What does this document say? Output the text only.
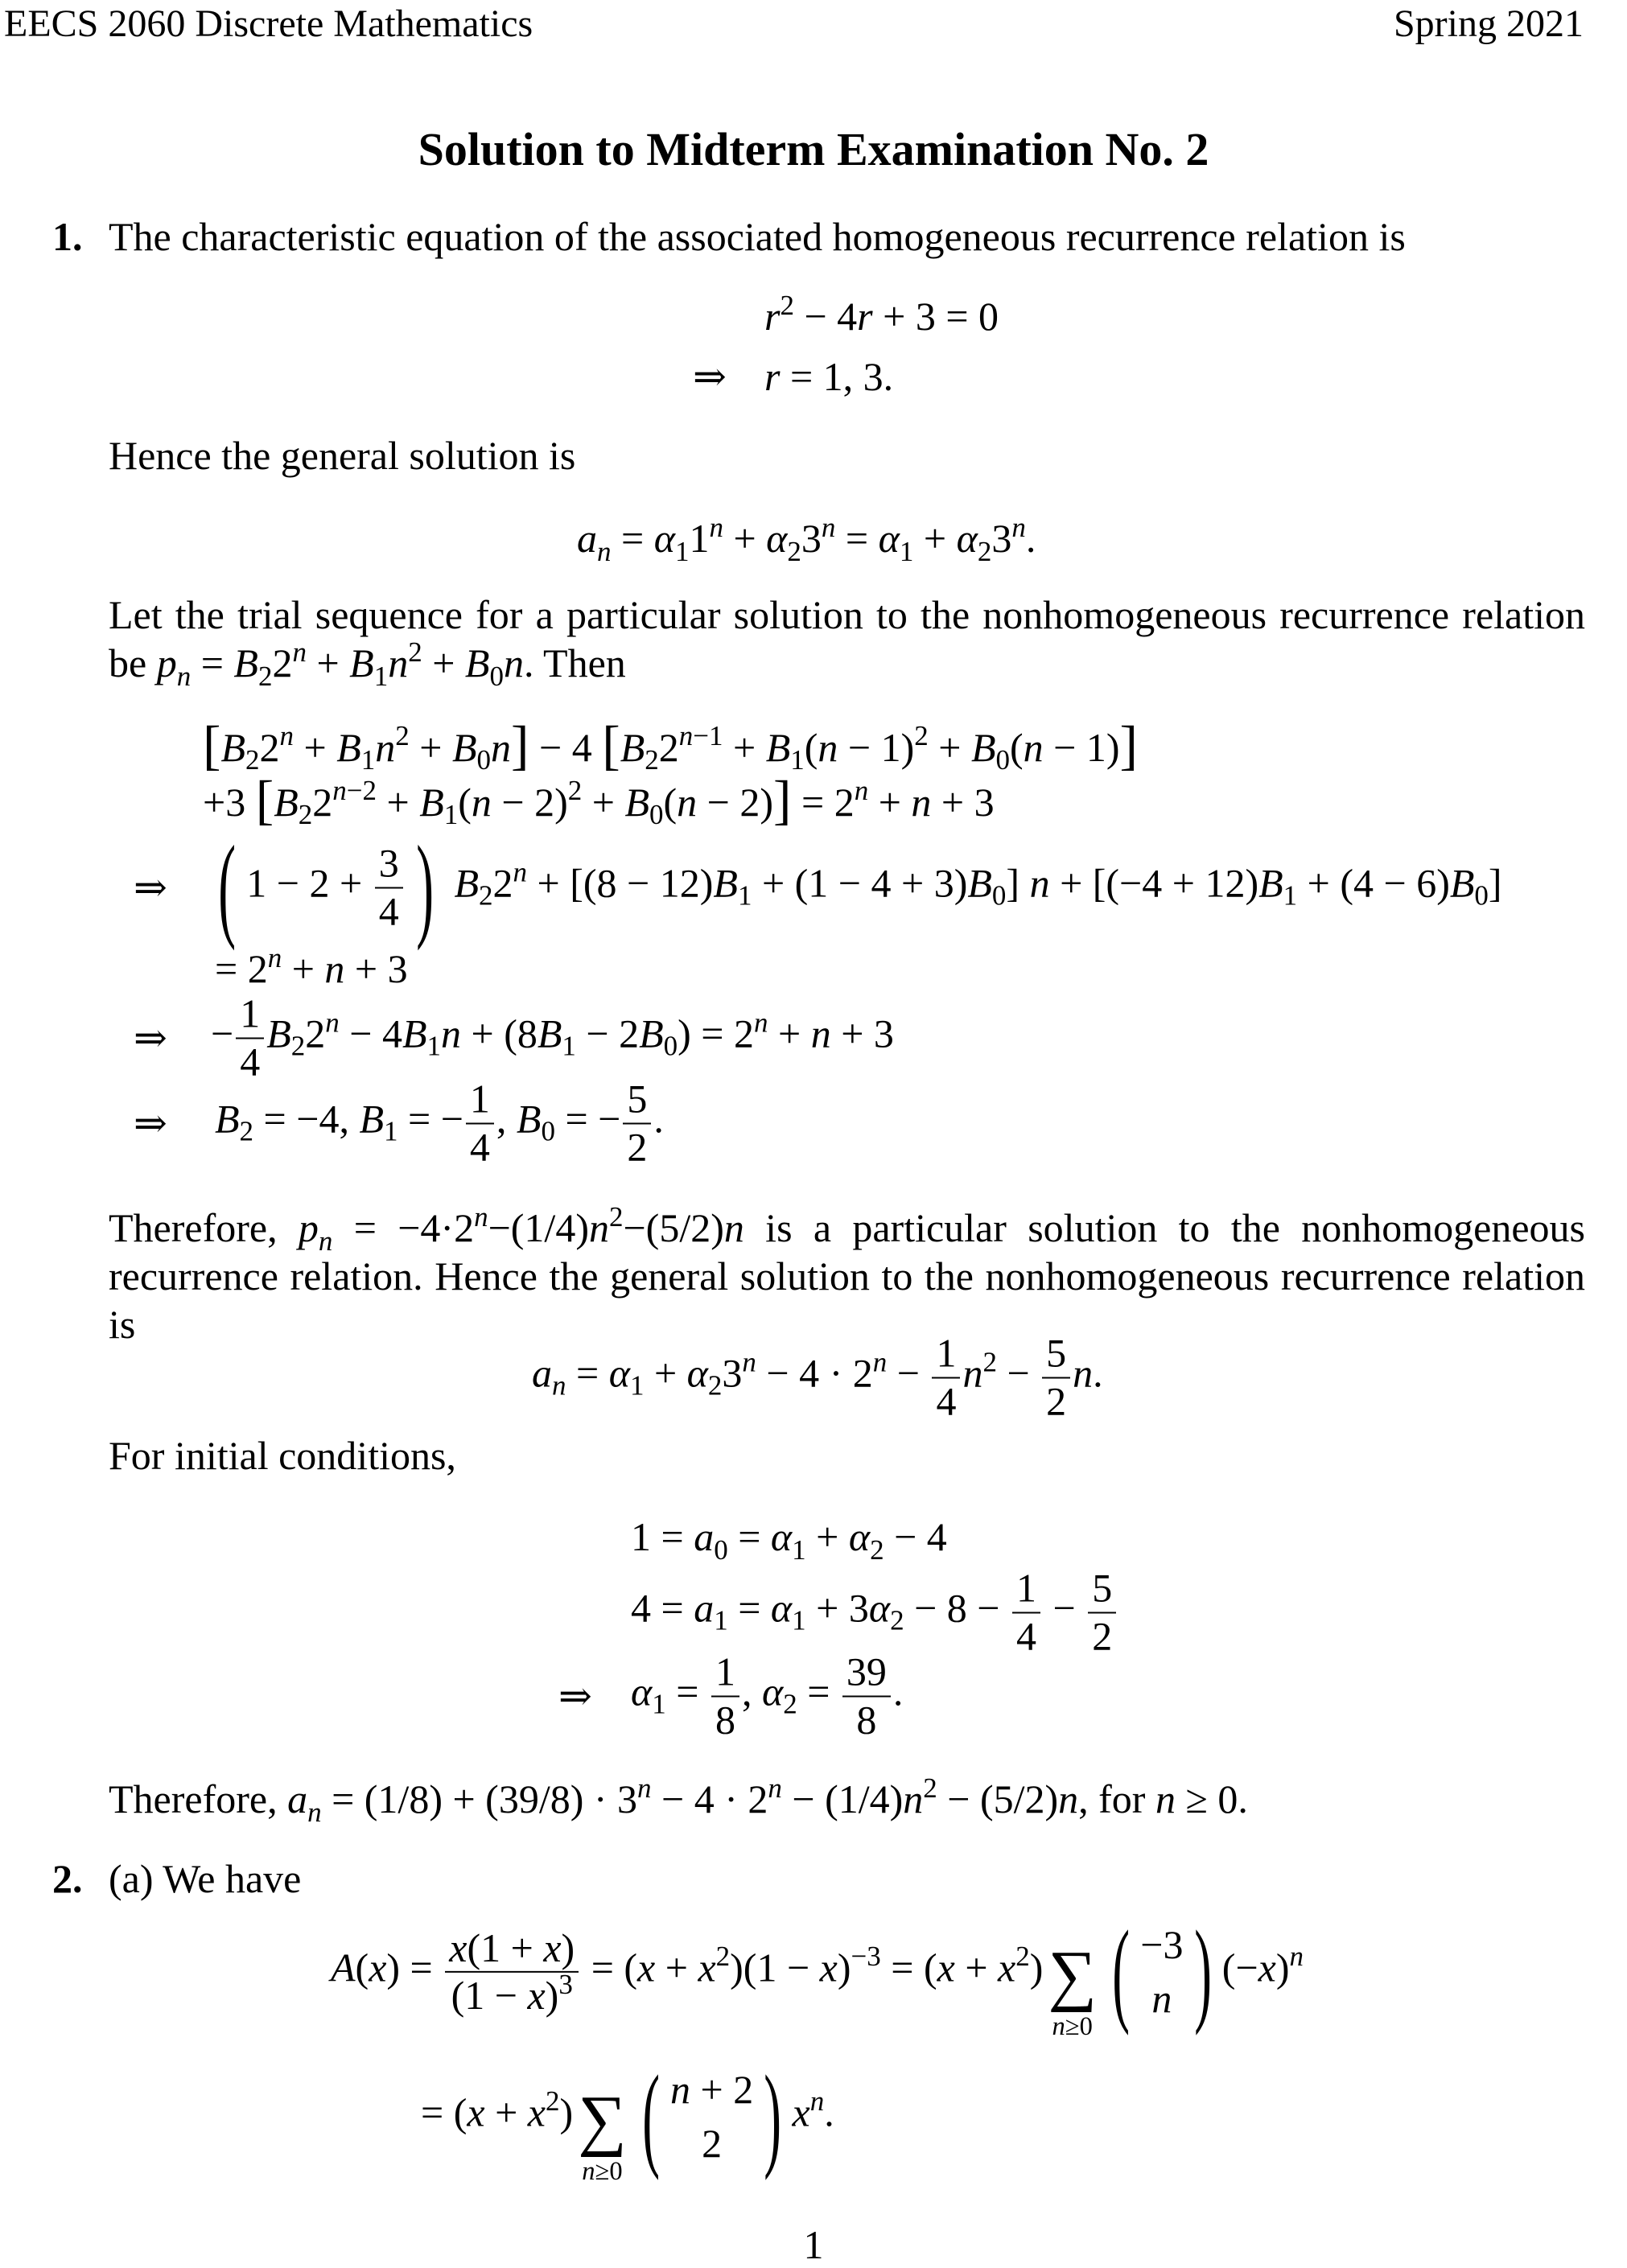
EECS 2060 Discrete Mathematics	Spring 2021
Solution to Midterm Examination No. 2
1. The characteristic equation of the associated homogeneous recurrence relation is
$r^2 - 4r + 3 = 0$
⇒ r = 1, 3.
Hence the general solution is
$a_n = \alpha_11^n + \alpha_23^n = \alpha_1 + \alpha_23^n$.
Let the trial sequence for a particular solution to the nonhomogeneous recurrence relation be $p_n = B_22^n + B_1n^2 + B_0n$. Then
$[B_22^n + B_1n^2 + B_0n] - 4$ $[B_22^{n-1} + B_1(n - 1)^2 + B_0(n - 1)]$
+3 $[B_22^{n-2} + B_1(n - 2)^2 + B_0(n - 2)] = 2^n + n + 3$
⇒ ( $1 - 2 + \frac{3}{4}$ ) $B_22^n + [(8 - 12)B_1 + (1 - 4 + 3)B_0] n + [(-4 + 12)B_1 + (4 - 6)B_0]$
= $2^n + n + 3$
⇒ − $\frac{1}{4} B_22^n - 4B_1n + (8B_1 - 2B_0) = 2^n + n + 3$
⇒ $B_2 = -4$, $B_1$ = − $\frac{1}{4}$ , $B_0$ = − $\frac{5}{2}$ .
Therefore, $p_n = -4\cdot 2^n-(1/4)n^2-(5/2)n$ is a particular solution to the nonhomogeneous recurrence relation. Hence the general solution to the nonhomogeneous recurrence relation is
$a_n = \alpha_1 + \alpha_23^n - 4 \cdot 2^n - \frac{1}{4} n^2 - \frac{5}{2} n$.
For initial conditions,
$1 = a_0 = \alpha_1 + \alpha_2 - 4$
$4 = a_1 = \alpha_1 + 3\alpha_2 - 8 - \frac{1}{4} - \frac{5}{2}$
⇒ $\alpha_1 = \frac{1}{8}$ , $\alpha_2 = \frac{39}{8}$ .
Therefore, $a_n = (1/8) + (39/8) \cdot 3^n - 4 \cdot 2^n - (1/4)n^2 - (5/2)n$, for n ≥ 0.
2. (a) We have
$A(x) = \frac{x(1 + x)}{(1 - x)^3} = (x + x^2)(1 - x)^{-3} = (x + x^2)$ ∑
n≥0 ( −3
n ) $(-x)^n$
= $(x + x^2)$ ∑
n≥0 ( n + 2
2 ) $x^n$.
1
